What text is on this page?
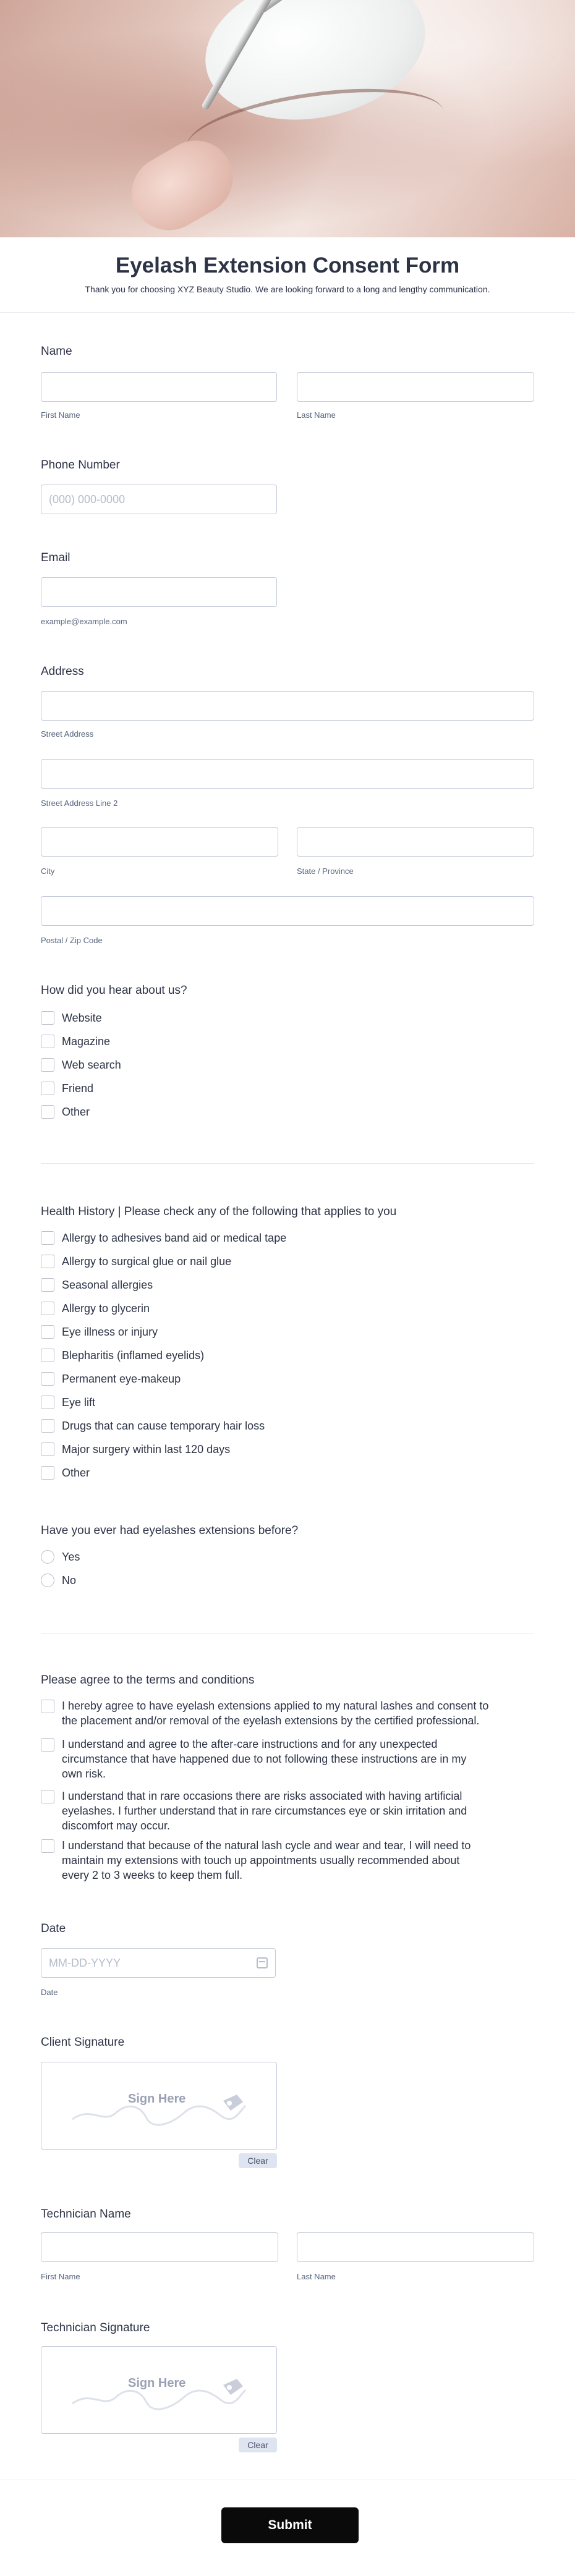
Eyelash Extension Consent Form
Thank you for choosing XYZ Beauty Studio. We are looking forward to a long and lengthy communication.
Name
First Name	Last Name
Phone Number
(000) 000-0000
Email
example@example.com
Address
Street Address
Street Address Line 2
City	State / Province
Postal / Zip Code
How did you hear about us?
Website
Magazine
Web search
Friend
Other
Health History | Please check any of the following that applies to you
Allergy to adhesives band aid or medical tape
Allergy to surgical glue or nail glue
Seasonal allergies
Allergy to glycerin
Eye illness or injury
Blepharitis (inflamed eyelids)
Permanent eye-makeup
Eye lift
Drugs that can cause temporary hair loss
Major surgery within last 120 days
Other
Have you ever had eyelashes extensions before?
Yes
No
Please agree to the terms and conditions
I hereby agree to have eyelash extensions applied to my natural lashes and consent to
the placement and/or removal of the eyelash extensions by the certified professional.
I understand and agree to the after-care instructions and for any unexpected
circumstance that have happened due to not following these instructions are in my
own risk.
I understand that in rare occasions there are risks associated with having artificial
eyelashes. I further understand that in rare circumstances eye or skin irritation and
discomfort may occur.
I understand that because of the natural lash cycle and wear and tear, I will need to
maintain my extensions with touch up appointments usually recommended about
every 2 to 3 weeks to keep them full.
Date
MM-DD-YYYY
Date
Client Signature
Sign Here
Clear
Technician Name
First Name	Last Name
Technician Signature
Sign Here
Clear
Submit
